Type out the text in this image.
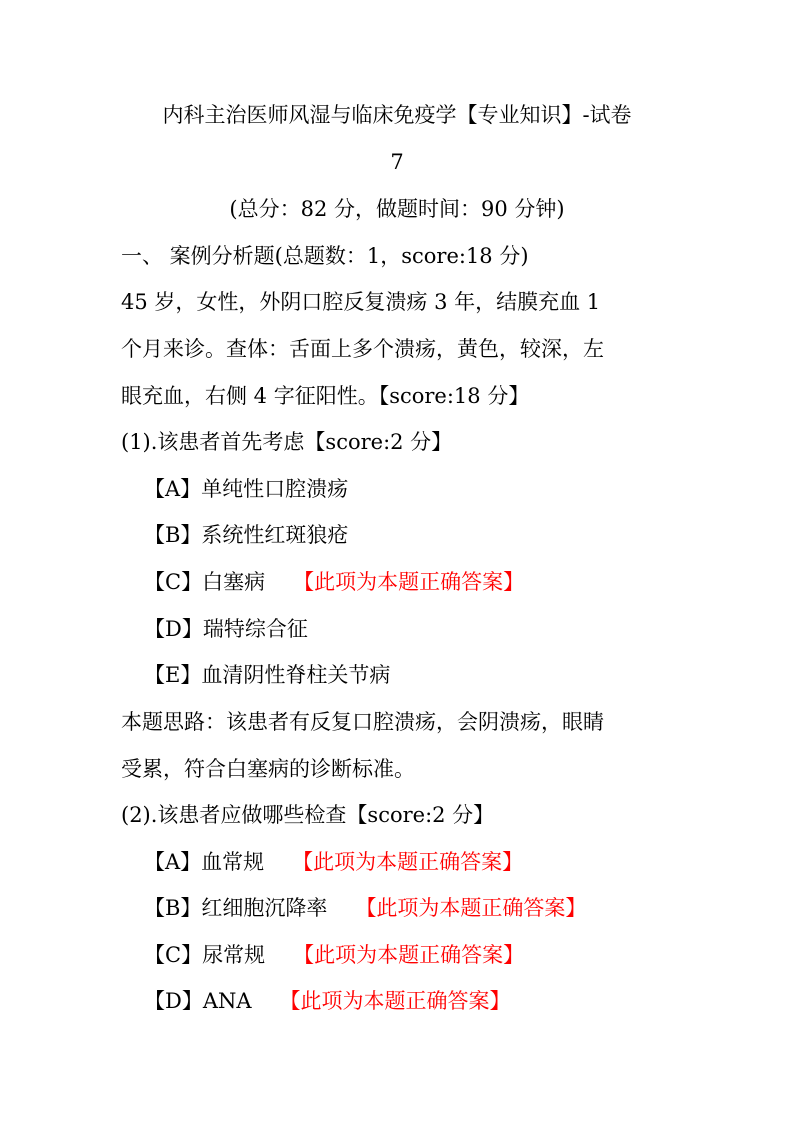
内科主治医师风湿与临床免疫学【专业知识】-试卷
7
(总分：82 分，做题时间：90 分钟)
一、 案例分析题(总题数：1，score:18 分)
45 岁，女性，外阴口腔反复溃疡 3 年，结膜充血 1
个月来诊。查体：舌面上多个溃疡，黄色，较深，左
眼充血，右侧 4 字征阳性。【score:18 分】
(1).该患者首先考虑【score:2 分】
【A】单纯性口腔溃疡
【B】系统性红斑狼疮
【C】白塞病 【此项为本题正确答案】
【D】瑞特综合征
【E】血清阴性脊柱关节病
本题思路：该患者有反复口腔溃疡，会阴溃疡，眼睛
受累，符合白塞病的诊断标准。
(2).该患者应做哪些检查【score:2 分】
【A】血常规 【此项为本题正确答案】
【B】红细胞沉降率 【此项为本题正确答案】
【C】尿常规 【此项为本题正确答案】
【D】ANA 【此项为本题正确答案】
